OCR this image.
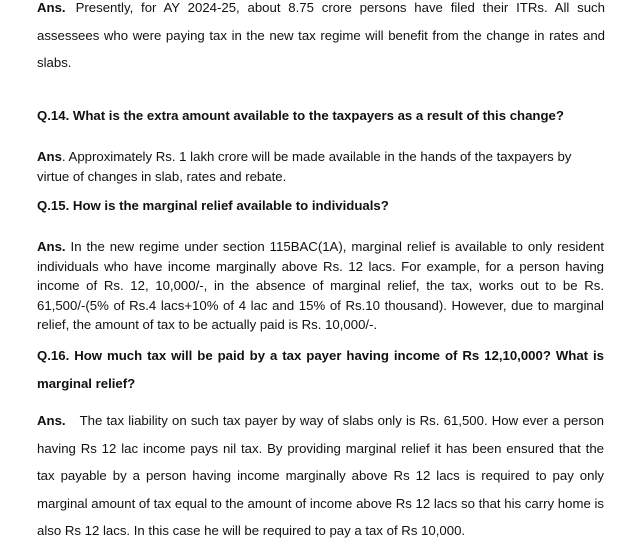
Ans. Presently, for AY 2024-25, about 8.75 crore persons have filed their ITRs. All such assessees who were paying tax in the new tax regime will benefit from the change in rates and slabs.

Q.14. What is the extra amount available to the taxpayers as a result of this change?

Ans. Approximately Rs. 1 lakh crore will be made available in the hands of the taxpayers by virtue of changes in slab, rates and rebate.

Q.15. How is the marginal relief available to individuals?

Ans. In the new regime under section 115BAC(1A), marginal relief is available to only resident individuals who have income marginally above Rs. 12 lacs. For example, for a person having income of Rs. 12, 10,000/-, in the absence of marginal relief, the tax, works out to be Rs. 61,500/-(5% of Rs.4 lacs+10% of 4 lac and 15% of Rs.10 thousand). However, due to marginal relief, the amount of tax to be actually paid is Rs. 10,000/-.

Q.16. How much tax will be paid by a tax payer having income of Rs 12,10,000? What is marginal relief?

Ans. The tax liability on such tax payer by way of slabs only is Rs. 61,500. How ever a person having Rs 12 lac income pays nil tax. By providing marginal relief it has been ensured that the tax payable by a person having income marginally above Rs 12 lacs is required to pay only marginal amount of tax equal to the amount of income above Rs 12 lacs so that his carry home is also Rs 12 lacs. In this case he will be required to pay a tax of Rs 10,000.
